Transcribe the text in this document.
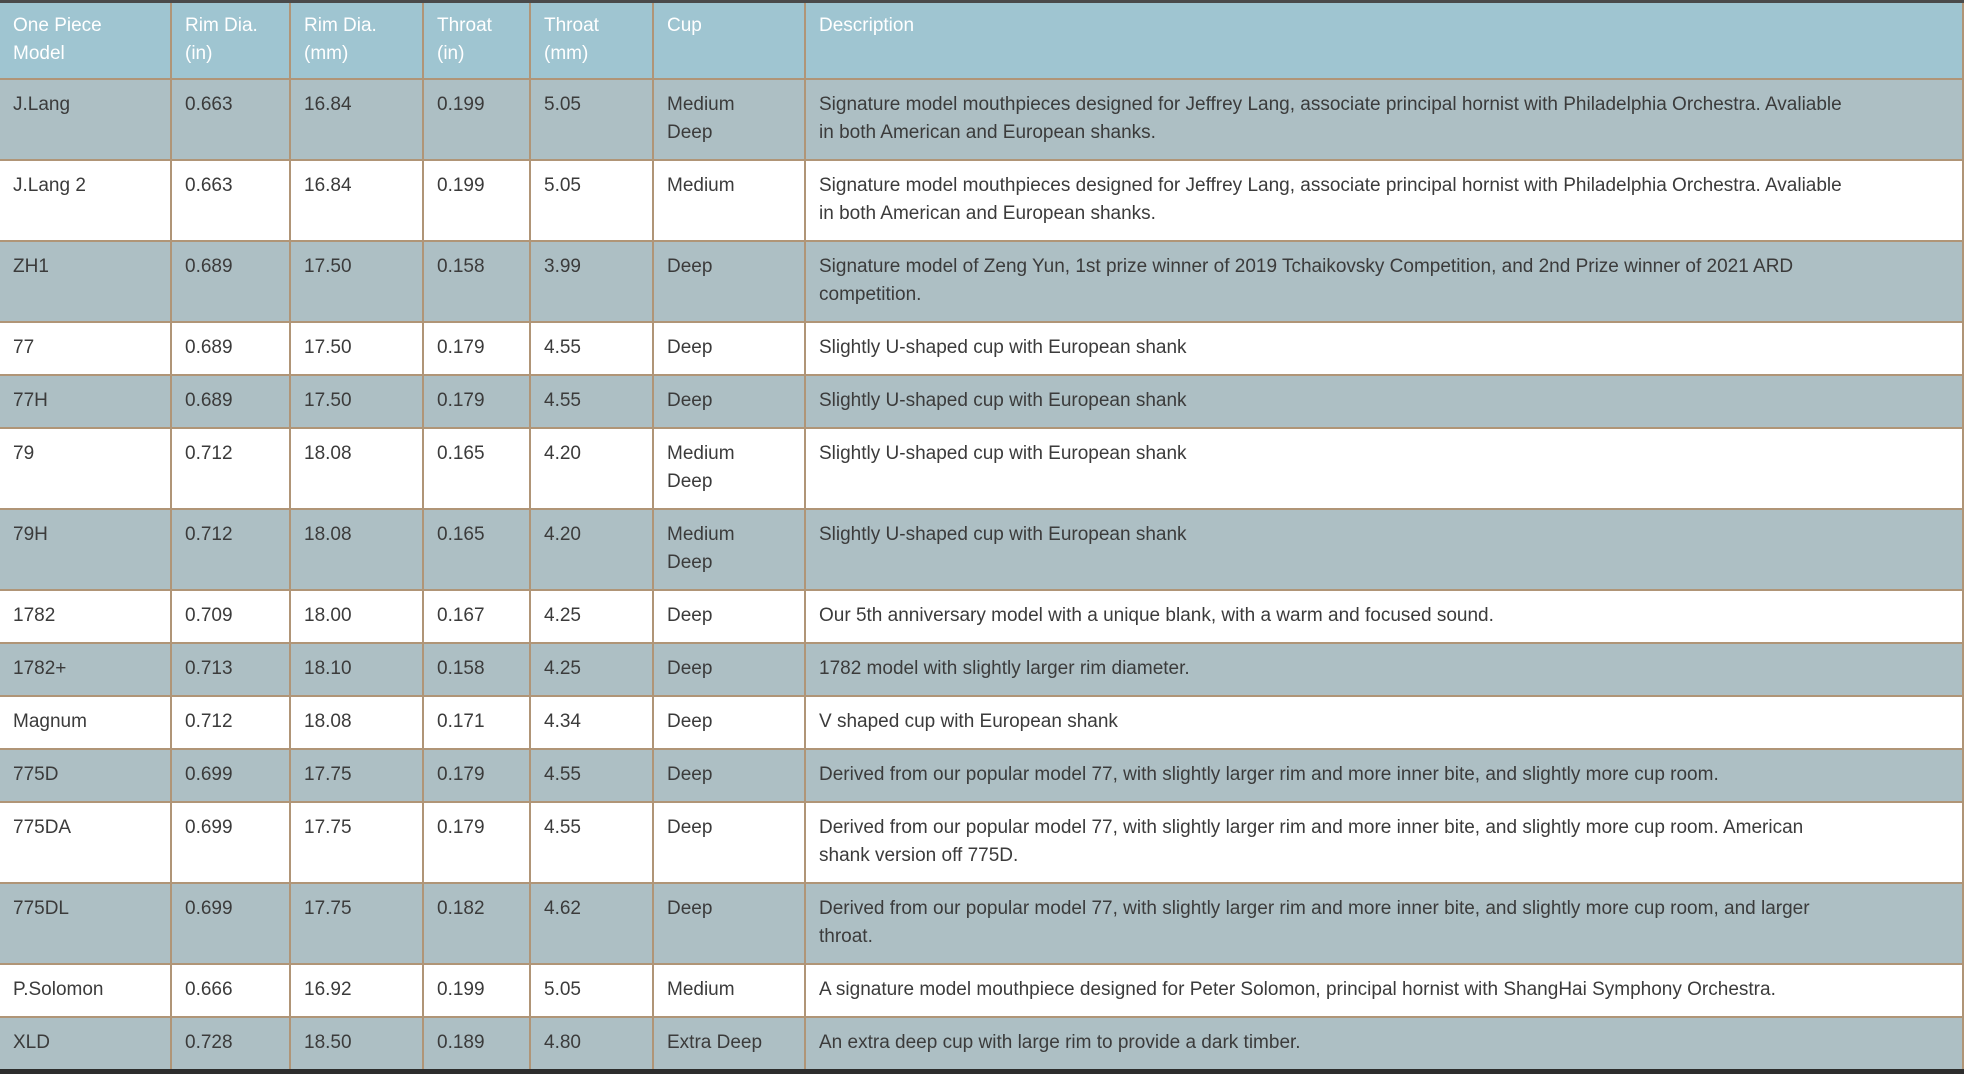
One Piece Model	Rim Dia. (in)	Rim Dia. (mm)	Throat (in)	Throat (mm)	Cup	Description
J.Lang	0.663	16.84	0.199	5.05	Medium Deep	Signature model mouthpieces designed for Jeffrey Lang, associate principal hornist with Philadelphia Orchestra. Avaliable in both American and European shanks.
J.Lang 2	0.663	16.84	0.199	5.05	Medium	Signature model mouthpieces designed for Jeffrey Lang, associate principal hornist with Philadelphia Orchestra. Avaliable in both American and European shanks.
ZH1	0.689	17.50	0.158	3.99	Deep	Signature model of Zeng Yun, 1st prize winner of 2019 Tchaikovsky Competition, and 2nd Prize winner of 2021 ARD competition.
77	0.689	17.50	0.179	4.55	Deep	Slightly U-shaped cup with European shank
77H	0.689	17.50	0.179	4.55	Deep	Slightly U-shaped cup with European shank
79	0.712	18.08	0.165	4.20	Medium Deep	Slightly U-shaped cup with European shank
79H	0.712	18.08	0.165	4.20	Medium Deep	Slightly U-shaped cup with European shank
1782	0.709	18.00	0.167	4.25	Deep	Our 5th anniversary model with a unique blank, with a warm and focused sound.
1782+	0.713	18.10	0.158	4.25	Deep	1782 model with slightly larger rim diameter.
Magnum	0.712	18.08	0.171	4.34	Deep	V shaped cup with European shank
775D	0.699	17.75	0.179	4.55	Deep	Derived from our popular model 77, with slightly larger rim and more inner bite, and slightly more cup room.
775DA	0.699	17.75	0.179	4.55	Deep	Derived from our popular model 77, with slightly larger rim and more inner bite, and slightly more cup room. American shank version off 775D.
775DL	0.699	17.75	0.182	4.62	Deep	Derived from our popular model 77, with slightly larger rim and more inner bite, and slightly more cup room, and larger throat.
P.Solomon	0.666	16.92	0.199	5.05	Medium	A signature model mouthpiece designed for Peter Solomon, principal hornist with ShangHai Symphony Orchestra.
XLD	0.728	18.50	0.189	4.80	Extra Deep	An extra deep cup with large rim to provide a dark timber.
